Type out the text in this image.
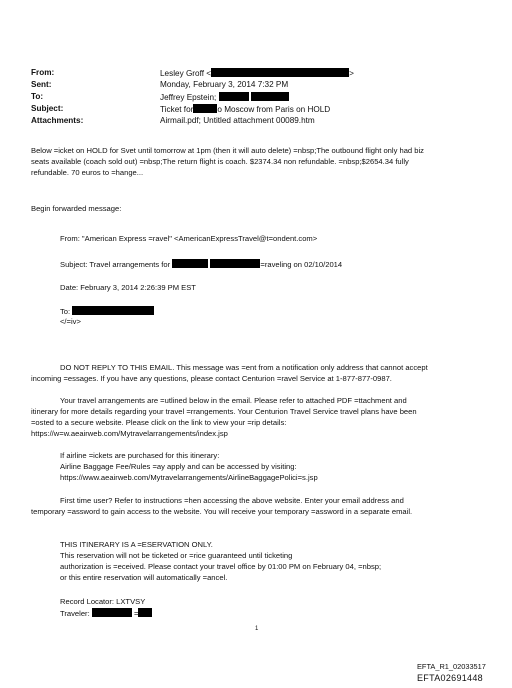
From:	Lesley Groff <	>
Sent:	Monday, February 3, 2014 7:32 PM
To:	Jeffrey Epstein;
Subject:	Ticket for	o Moscow from Paris on HOLD
Attachments:	Airmail.pdf; Untitled attachment 00089.htm
Below =icket on HOLD for Svet until tomorrow at 1pm (then it will auto delete) =nbsp;The outbound flight only had biz
seats available (coach sold out) =nbsp;The return flight is coach. $2374.34 non refundable. =nbsp;$2654.34 fully
refundable. 70 euros to =hange...
Begin forwarded message:
From: "American Express =ravel" <AmericanExpressTravel@t=ondent.com>
Subject: Travel arrangements for	=raveling on 02/10/2014
Date: February 3, 2014 2:26:39 PM EST
To:
</=iv>
DO NOT REPLY TO THIS EMAIL. This message was =ent from a notification only address that cannot accept
incoming =essages. If you have any questions, please contact Centurion =ravel Service at 1-877-877-0987.
Your travel arrangements are =utlined below in the email. Please refer to attached PDF =ttachment and
itinerary for more details regarding your travel =rrangements. Your Centurion Travel Service travel plans have been
=osted to a secure website. Please click on the link to view your =rip details:
https://w=w.aeairweb.com/Mytravelarrangements/index.jsp
If airline =ickets are purchased for this itinerary:
Airline Baggage Fee/Rules =ay apply and can be accessed by visiting:
https://www.aeairweb.com/Mytravelarrangements/AirlineBaggagePolici=s.jsp
First time user? Refer to instructions =hen accessing the above website. Enter your email address and
temporary =assword to gain access to the website. You will receive your temporary =assword in a separate email.
THIS ITINERARY IS A =ESERVATION ONLY.
This reservation will not be ticketed or =rice guaranteed until ticketing
authorization is =eceived. Please contact your travel office by 01:00 PM on February 04, =nbsp;
or this entire reservation will automatically =ancel.
Record Locator: LXTVSY
Traveler:	=
1
EFTA_R1_02033517
EFTA02691448
